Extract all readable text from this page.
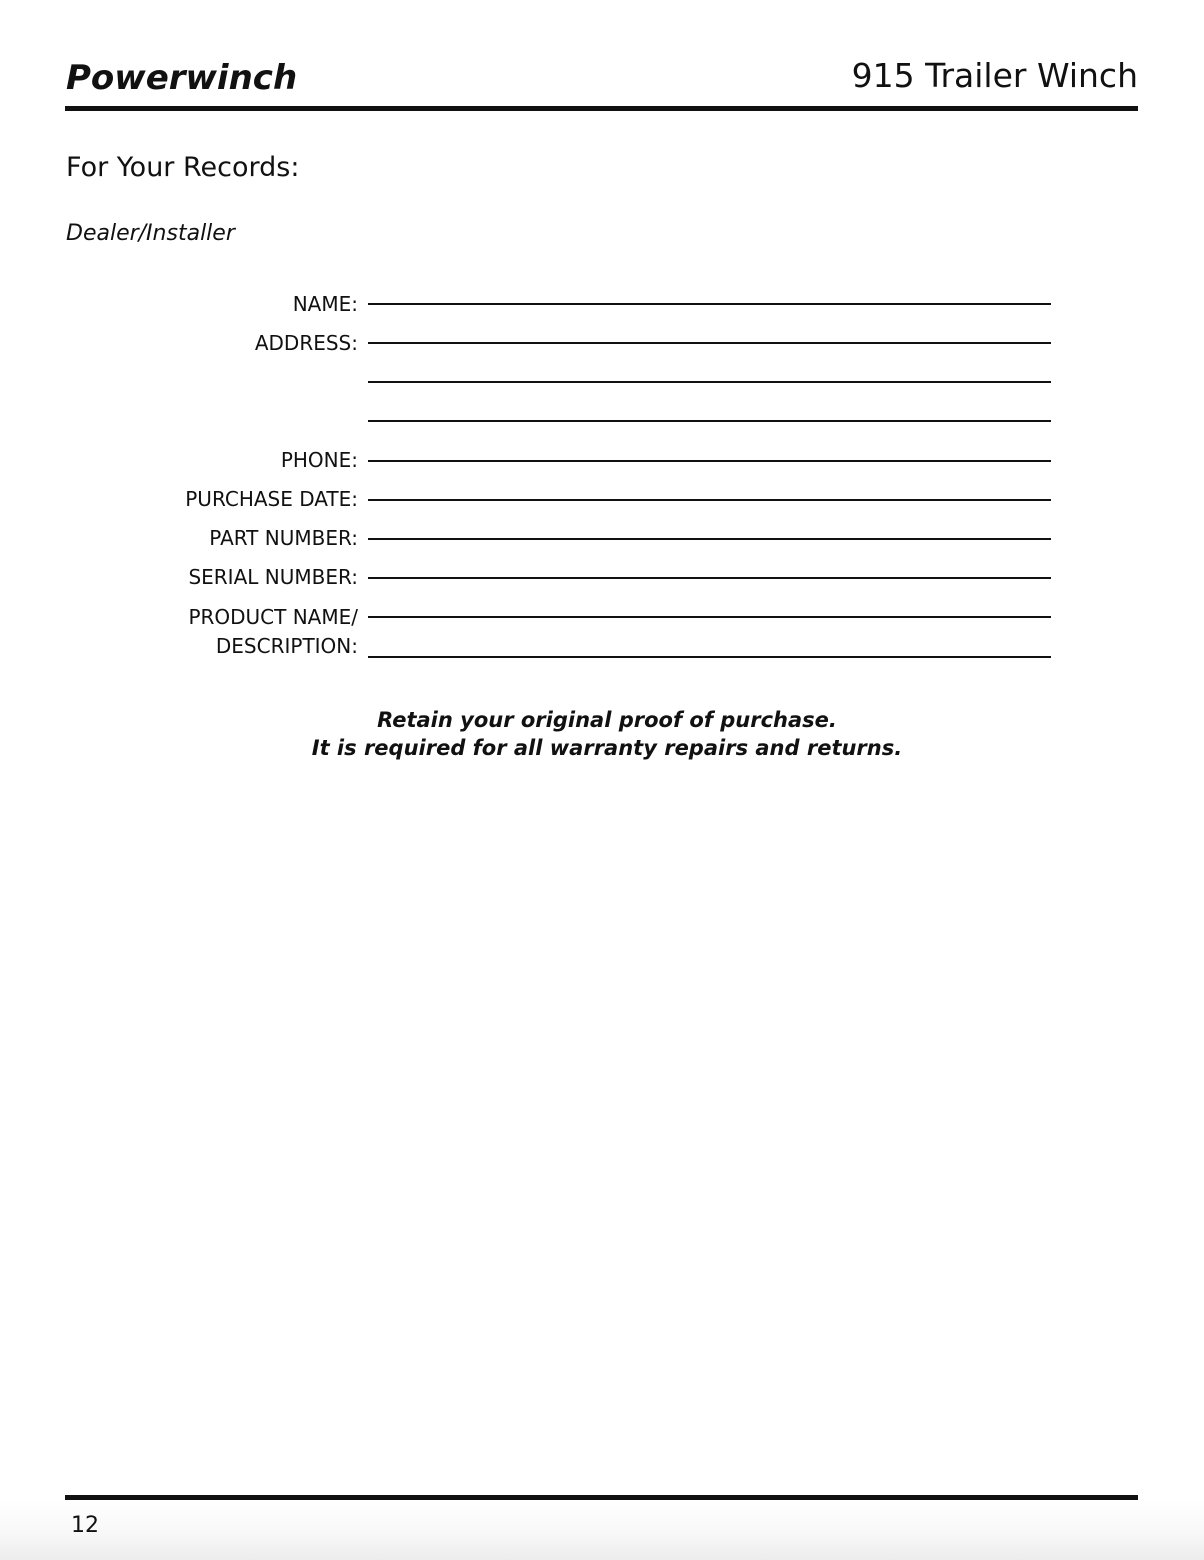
Powerwinch	915 Trailer Winch
For Your Records:
Dealer/Installer
NAME:
ADDRESS:
PHONE:
PURCHASE DATE:
PART NUMBER:
SERIAL NUMBER:
PRODUCT NAME/
DESCRIPTION:
Retain your original proof of purchase.
It is required for all warranty repairs and returns.
12
